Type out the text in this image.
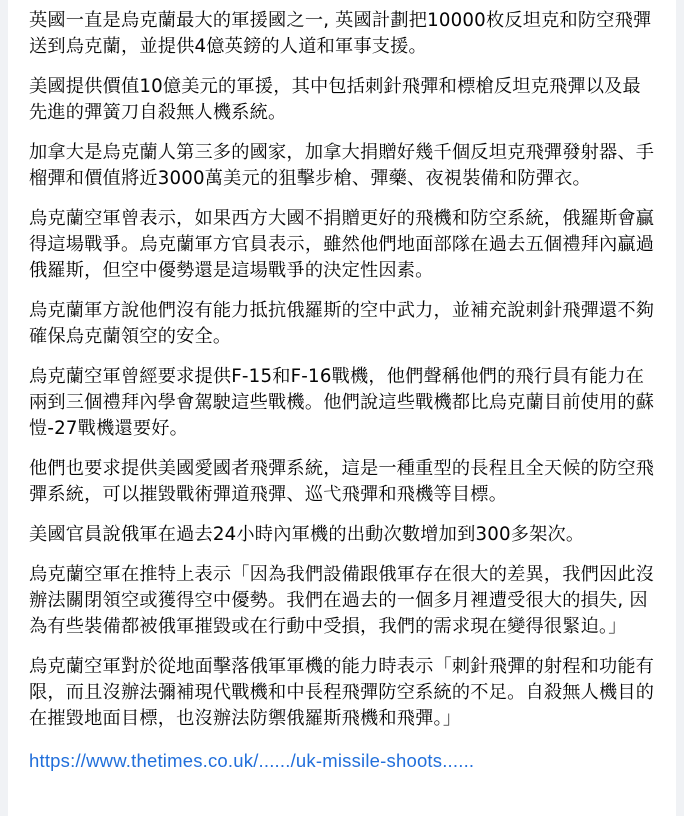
英國一直是烏克蘭最大的軍援國之一, 英國計劃把10000枚反坦克和防空飛彈送到烏克蘭，並提供4億英鎊的人道和軍事支援。

美國提供價值10億美元的軍援，其中包括刺針飛彈和標槍反坦克飛彈以及最先進的彈簧刀自殺無人機系統。

加拿大是烏克蘭人第三多的國家，加拿大捐贈好幾千個反坦克飛彈發射器、手榴彈和價值將近3000萬美元的狙擊步槍、彈藥、夜視裝備和防彈衣。

烏克蘭空軍曾表示，如果西方大國不捐贈更好的飛機和防空系統，俄羅斯會贏得這場戰爭。烏克蘭軍方官員表示，雖然他們地面部隊在過去五個禮拜內贏過俄羅斯，但空中優勢還是這場戰爭的決定性因素。

烏克蘭軍方說他們沒有能力抵抗俄羅斯的空中武力，並補充說刺針飛彈還不夠確保烏克蘭領空的安全。

烏克蘭空軍曾經要求提供F-15和F-16戰機，他們聲稱他們的飛行員有能力在兩到三個禮拜內學會駕駛這些戰機。他們說這些戰機都比烏克蘭目前使用的蘇愷-27戰機還要好。

他們也要求提供美國愛國者飛彈系統，這是一種重型的長程且全天候的防空飛彈系統，可以摧毀戰術彈道飛彈、巡弋飛彈和飛機等目標。

美國官員說俄軍在過去24小時內軍機的出動次數增加到300多架次。

烏克蘭空軍在推特上表示「因為我們設備跟俄軍存在很大的差異，我們因此沒辦法關閉領空或獲得空中優勢。我們在過去的一個多月裡遭受很大的損失, 因為有些裝備都被俄軍摧毀或在行動中受損，我們的需求現在變得很緊迫。」

烏克蘭空軍對於從地面擊落俄軍軍機的能力時表示「刺針飛彈的射程和功能有限，而且沒辦法彌補現代戰機和中長程飛彈防空系統的不足。自殺無人機目的在摧毀地面目標，也沒辦法防禦俄羅斯飛機和飛彈。」

https://www.thetimes.co.uk/....../uk-missile-shoots......
